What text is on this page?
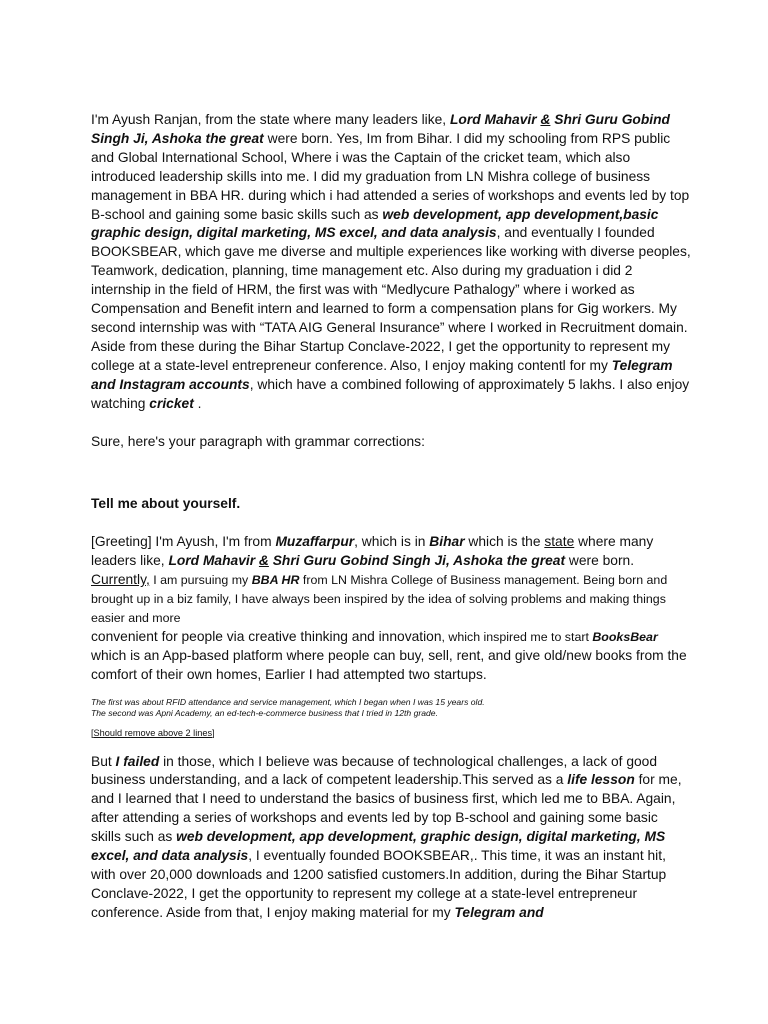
I'm Ayush Ranjan, from the state where many leaders like, Lord Mahavir & Shri Guru Gobind Singh Ji, Ashoka the great were born. Yes, Im from Bihar. I did my schooling from RPS public and Global International School, Where i was the Captain of the cricket team, which also introduced leadership skills into me. I did my graduation from LN Mishra college of business management in BBA HR. during which i had attended a series of workshops and events led by top B-school and gaining some basic skills such as web development, app development,basic graphic design, digital marketing, MS excel, and data analysis, and eventually I founded BOOKSBEAR, which gave me diverse and multiple experiences like working with diverse peoples, Teamwork, dedication, planning, time management etc. Also during my graduation i did 2 internship in the field of HRM, the first was with “Medlycure Pathalogy” where i worked as Compensation and Benefit intern and learned to form a compensation plans for Gig workers. My second internship was with “TATA AIG General Insurance” where I worked in Recruitment domain. Aside from these during the Bihar Startup Conclave-2022, I get the opportunity to represent my college at a state-level entrepreneur conference. Also, I enjoy making contentl for my Telegram and Instagram accounts, which have a combined following of approximately 5 lakhs. I also enjoy watching cricket .

Sure, here's your paragraph with grammar corrections:

Tell me about yourself.

[Greeting] I'm Ayush, I'm from Muzaffarpur, which is in Bihar which is the state where many leaders like, Lord Mahavir & Shri Guru Gobind Singh Ji, Ashoka the great were born.

Currently, I am pursuing my BBA HR from LN Mishra College of Business management. Being born and brought up in a biz family, I have always been inspired by the idea of solving problems and making things easier and more

convenient for people via creative thinking and innovation, which inspired me to start BooksBear

which is an App-based platform where people can buy, sell, rent, and give old/new books from the comfort of their own homes, Earlier I had attempted two startups.

The first was about RFID attendance and service management, which I began when I was 15 years old.

The second was Apni Academy, an ed-tech-e-commerce business that I tried in 12th grade.

[Should remove above 2 lines]

But I failed in those, which I believe was because of technological challenges, a lack of good business understanding, and a lack of competent leadership.This served as a life lesson for me, and I learned that I need to understand the basics of business first, which led me to BBA. Again, after attending a series of workshops and events led by top B-school and gaining some basic skills such as web development, app development, graphic design, digital marketing, MS excel, and data analysis, I eventually founded BOOKSBEAR,. This time, it was an instant hit, with over 20,000 downloads and 1200 satisfied customers.In addition, during the Bihar Startup Conclave-2022, I get the opportunity to represent my college at a state-level entrepreneur conference. Aside from that, I enjoy making material for my Telegram and
